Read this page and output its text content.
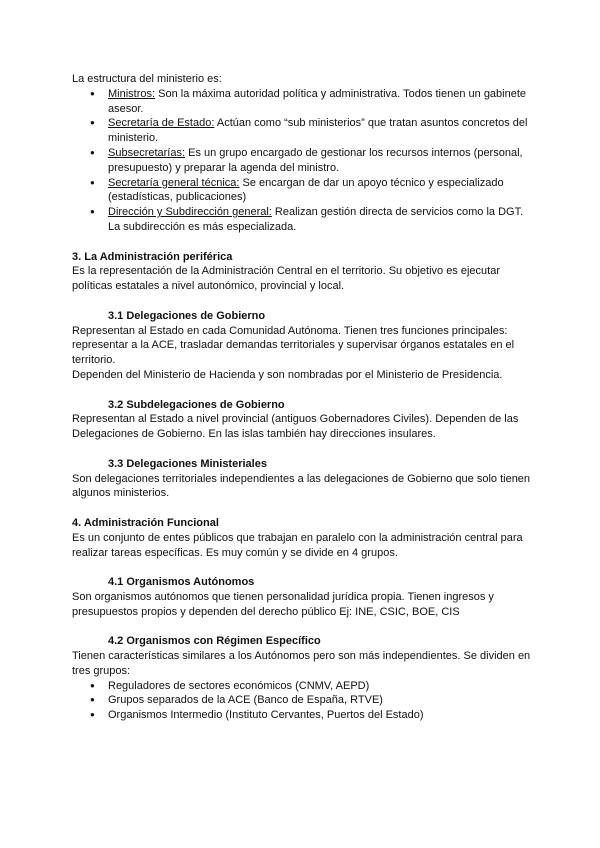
La estructura del ministerio es:

● Ministros: Son la máxima autoridad política y administrativa. Todos tienen un gabinete asesor.
● Secretaría de Estado: Actúan como “sub ministerios” que tratan asuntos concretos del ministerio.
● Subsecretarías: Es un grupo encargado de gestionar los recursos internos (personal, presupuesto) y preparar la agenda del ministro.
● Secretaría general técnica: Se encargan de dar un apoyo técnico y especializado (estadísticas, publicaciones)
● Dirección y Subdirección general: Realizan gestión directa de servicios como la DGT. La subdirección es más especializada.
3. La Administración periférica

Es la representación de la Administración Central en el territorio. Su objetivo es ejecutar políticas estatales a nivel autonómico, provincial y local.

3.1 Delegaciones de Gobierno

Representan al Estado en cada Comunidad Autónoma. Tienen tres funciones principales: representar a la ACE, trasladar demandas territoriales y supervisar órganos estatales en el territorio.

Dependen del Ministerio de Hacienda y son nombradas por el Ministerio de Presidencia.

3.2 Subdelegaciones de Gobierno

Representan al Estado a nivel provincial (antiguos Gobernadores Civiles). Dependen de las Delegaciones de Gobierno. En las islas también hay direcciones insulares.

3.3 Delegaciones Ministeriales

Son delegaciones territoriales independientes a las delegaciones de Gobierno que solo tienen algunos ministerios.

4. Administración Funcional

Es un conjunto de entes públicos que trabajan en paralelo con la administración central para realizar tareas específicas. Es muy común y se divide en 4 grupos.

4.1 Organismos Autónomos

Son organismos autónomos que tienen personalidad jurídica propia. Tienen ingresos y presupuestos propios y dependen del derecho público Ej: INE, CSIC, BOE, CIS

4.2 Organismos con Régimen Específico

Tienen características similares a los Autónomos pero son más independientes. Se dividen en tres grupos:

● Reguladores de sectores económicos (CNMV, AEPD)
● Grupos separados de la ACE (Banco de España, RTVE)
● Organismos Intermedio (Instituto Cervantes, Puertos del Estado)
